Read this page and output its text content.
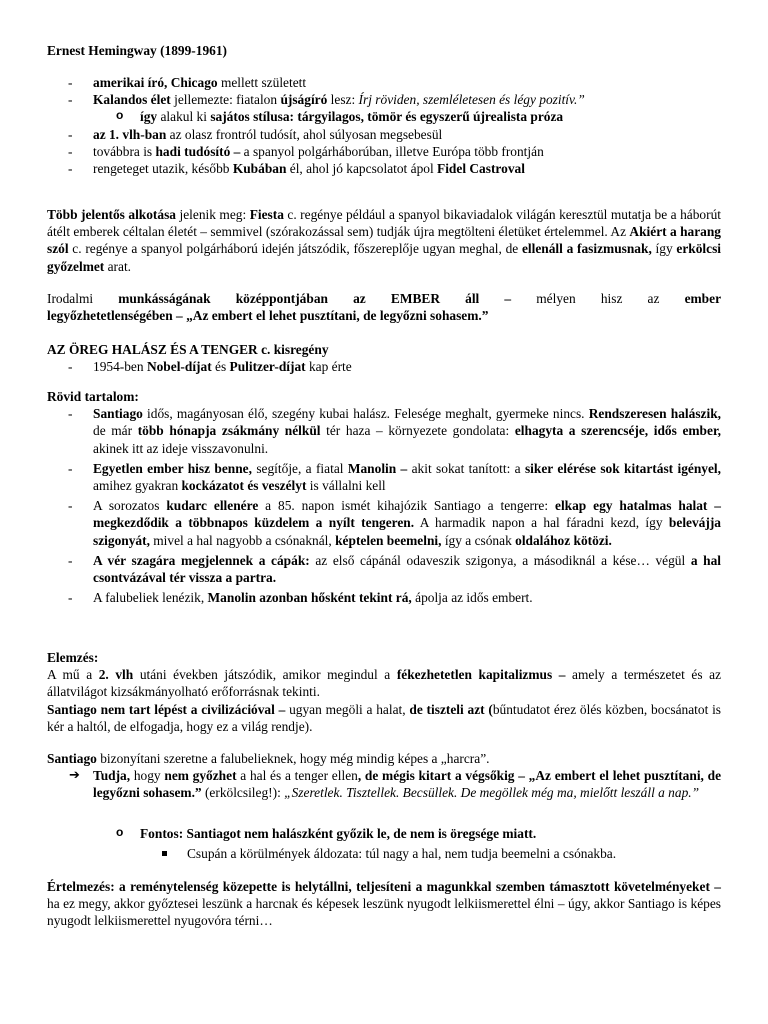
Ernest Hemingway (1899-1961)

- amerikai író, Chicago mellett született
- Kalandos élet jellemezte: fiatalon újságíró lesz: Írj röviden, szemléletesen és légy pozitív.”
o így alakul ki sajátos stílusa: tárgyilagos, tömör és egyszerű újrealista próza
- az 1. vlh-ban az olasz frontról tudósít, ahol súlyosan megsebesül
- továbbra is hadi tudósító – a spanyol polgárháborúban, illetve Európa több frontján
- rengeteget utazik, később Kubában él, ahol jó kapcsolatot ápol Fidel Castroval

Több jelentős alkotása jelenik meg: Fiesta c. regénye például a spanyol bikaviadalok világán keresztül mutatja be a háborút átélt emberek céltalan életét – semmivel (szórakozással sem) tudják újra megtölteni életüket értelemmel. Az Akiért a harang szól c. regénye a spanyol polgárháború idején játszódik, főszereplője ugyan meghal, de ellenáll a fasizmusnak, így erkölcsi győzelmet arat.

Irodalmi munkásságának középpontjában az EMBER áll – mélyen hisz az ember

legyőzhetetlenségében – „Az embert el lehet pusztítani, de legyőzni sohasem.”

AZ ÖREG HALÁSZ ÉS A TENGER c. kisregény

- 1954-ben Nobel-díjat és Pulitzer-díjat kap érte

Rövid tartalom:

- Santiago idős, magányosan élő, szegény kubai halász. Felesége meghalt, gyermeke nincs. Rendszeresen halászik, de már több hónapja zsákmány nélkül tér haza – környezete gondolata: elhagyta a szerencséje, idős ember, akinek itt az ideje visszavonulni.
- Egyetlen ember hisz benne, segítője, a fiatal Manolin – akit sokat tanított: a siker elérése sok kitartást igényel, amihez gyakran kockázatot és veszélyt is vállalni kell
- A sorozatos kudarc ellenére a 85. napon ismét kihajózik Santiago a tengerre: elkap egy hatalmas halat – megkezdődik a többnapos küzdelem a nyílt tengeren. A harmadik napon a hal fáradni kezd, így belevájja szigonyát, mivel a hal nagyobb a csónaknál, képtelen beemelni, így a csónak oldalához kötözi.
- A vér szagára megjelennek a cápák: az első cápánál odaveszik szigonya, a másodiknál a kése… végül a hal csontvázával tér vissza a partra.
- A falubeliek lenézik, Manolin azonban hősként tekint rá, ápolja az idős embert.

Elemzés:

A mű a 2. vlh utáni években játszódik, amikor megindul a fékezhetetlen kapitalizmus – amely a természetet és az állatvilágot kizsákmányolható erőforrásnak tekinti.

Santiago nem tart lépést a civilizációval – ugyan megöli a halat, de tiszteli azt (bűntudatot érez ölés közben, bocsánatot is kér a haltól, de elfogadja, hogy ez a világ rendje).

Santiago bizonyítani szeretne a falubelieknek, hogy még mindig képes a „harcra”.

➔ Tudja, hogy nem győzhet a hal és a tenger ellen, de mégis kitart a végsőkig – „Az embert el lehet pusztítani, de legyőzni sohasem.” (erkölcsileg!): „Szeretlek. Tisztellek. Becsüllek. De megöllek még ma, mielőtt leszáll a nap.”
o Fontos: Santiagot nem halászként győzik le, de nem is öregsége miatt.
Csupán a körülmények áldozata: túl nagy a hal, nem tudja beemelni a csónakba.

Értelmezés: a reménytelenség közepette is helytállni, teljesíteni a magunkkal szemben támasztott követelményeket – ha ez megy, akkor győztesei leszünk a harcnak és képesek leszünk nyugodt lelkiismerettel élni – úgy, akkor Santiago is képes nyugodt lelkiismerettel nyugovóra térni…
